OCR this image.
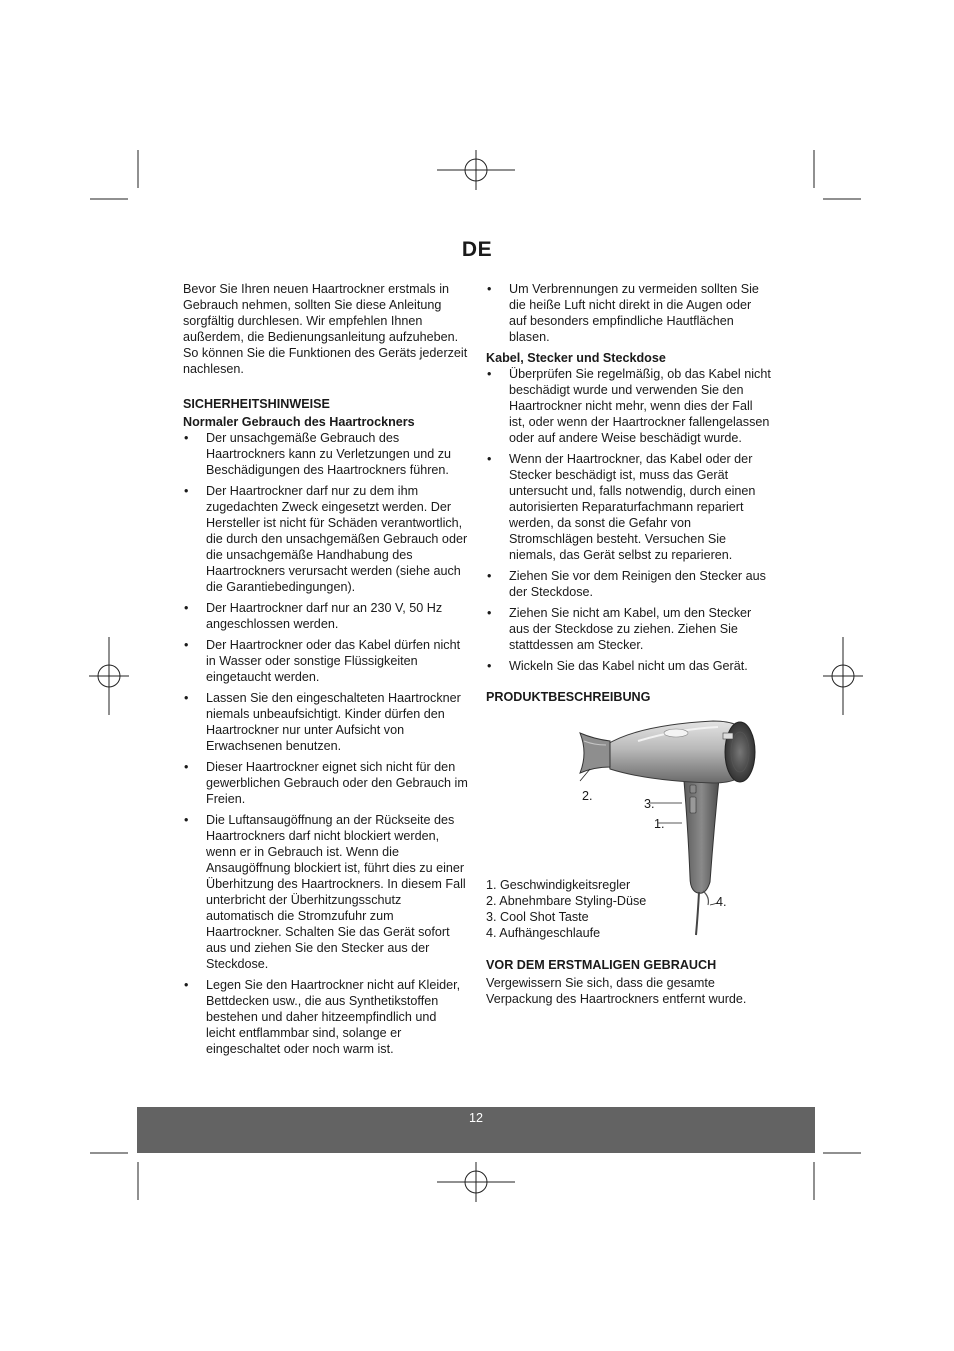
DE

Bevor Sie Ihren neuen Haartrockner erstmals in Gebrauch nehmen, sollten Sie diese Anleitung sorgfältig durchlesen. Wir empfehlen Ihnen außerdem, die Bedienungsanleitung aufzuheben. So können Sie die Funktionen des Geräts jederzeit nachlesen.

SICHERHEITSHINWEISE

Normaler Gebrauch des Haartrockners

• Der unsachgemäße Gebrauch des Haartrockners kann zu Verletzungen und zu Beschädigungen des Haartrockners führen.
• Der Haartrockner darf nur zu dem ihm zugedachten Zweck eingesetzt werden. Der Hersteller ist nicht für Schäden verantwortlich, die durch den unsachgemäßen Gebrauch oder die unsachgemäße Handhabung des Haartrockners verursacht werden (siehe auch die Garantiebedingungen).
• Der Haartrockner darf nur an 230 V, 50 Hz angeschlossen werden.
• Der Haartrockner oder das Kabel dürfen nicht in Wasser oder sonstige Flüssigkeiten eingetaucht werden.
• Lassen Sie den eingeschalteten Haartrockner niemals unbeaufsichtigt. Kinder dürfen den Haartrockner nur unter Aufsicht von Erwachsenen benutzen.
• Dieser Haartrockner eignet sich nicht für den gewerblichen Gebrauch oder den Gebrauch im Freien.
• Die Luftansaugöffnung an der Rückseite des Haartrockners darf nicht blockiert werden, wenn er in Gebrauch ist. Wenn die Ansaugöffnung blockiert ist, führt dies zu einer Überhitzung des Haartrockners. In diesem Fall unterbricht der Überhitzungsschutz automatisch die Stromzufuhr zum Haartrockner. Schalten Sie das Gerät sofort aus und ziehen Sie den Stecker aus der Steckdose.
• Legen Sie den Haartrockner nicht auf Kleider, Bettdecken usw., die aus Synthetikstoffen bestehen und daher hitzeempfindlich und leicht entflammbar sind, solange er eingeschaltet oder noch warm ist.
• Um Verbrennungen zu vermeiden sollten Sie die heiße Luft nicht direkt in die Augen oder auf besonders empfindliche Hautflächen blasen.

Kabel, Stecker und Steckdose

• Überprüfen Sie regelmäßig, ob das Kabel nicht beschädigt wurde und verwenden Sie den Haartrockner nicht mehr, wenn dies der Fall ist, oder wenn der Haartrockner fallengelassen oder auf andere Weise beschädigt wurde.
• Wenn der Haartrockner, das Kabel oder der Stecker beschädigt ist, muss das Gerät untersucht und, falls notwendig, durch einen autorisierten Reparaturfachmann repariert werden, da sonst die Gefahr von Stromschlägen besteht. Versuchen Sie niemals, das Gerät selbst zu reparieren.
• Ziehen Sie vor dem Reinigen den Stecker aus der Steckdose.
• Ziehen Sie nicht am Kabel, um den Stecker aus der Steckdose zu ziehen. Ziehen Sie stattdessen am Stecker.
• Wickeln Sie das Kabel nicht um das Gerät.

PRODUKTBESCHREIBUNG

2.
3.
1.
4.
1. Geschwindigkeitsregler
2. Abnehmbare Styling-Düse
3. Cool Shot Taste
4. Aufhängeschlaufe

VOR DEM ERSTMALIGEN GEBRAUCH

Vergewissern Sie sich, dass die gesamte Verpackung des Haartrockners entfernt wurde.

12
